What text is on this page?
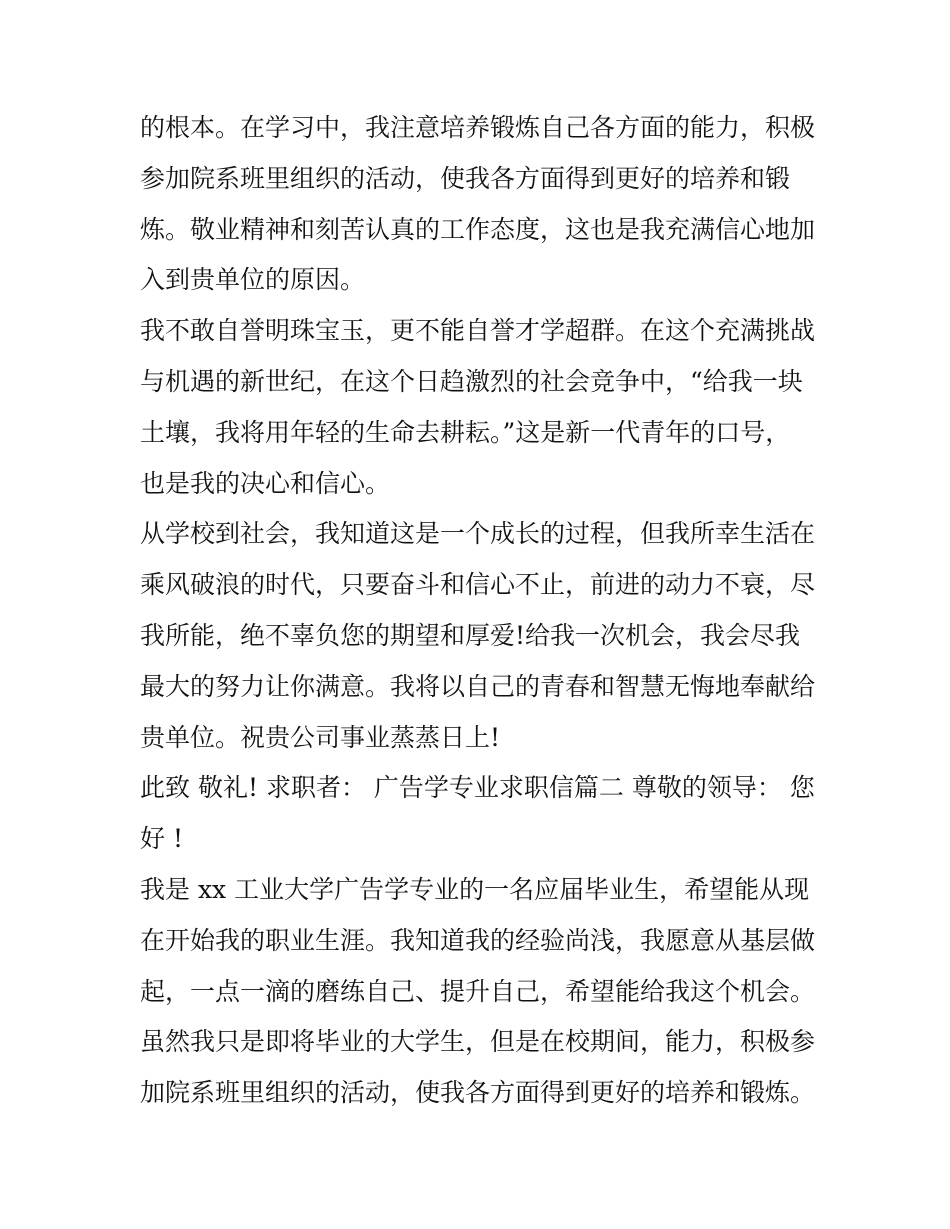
的根本。在学习中，我注意培养锻炼自己各方面的能力，积极
参加院系班里组织的活动，使我各方面得到更好的培养和锻
炼。敬业精神和刻苦认真的工作态度，这也是我充满信心地加
入到贵单位的原因。
我不敢自誉明珠宝玉，更不能自誉才学超群。在这个充满挑战
与机遇的新世纪，在这个日趋激烈的社会竞争中，“给我一块
土壤，我将用年轻的生命去耕耘。”这是新一代青年的口号，
也是我的决心和信心。
从学校到社会，我知道这是一个成长的过程，但我所幸生活在
乘风破浪的时代，只要奋斗和信心不止，前进的动力不衰，尽
我所能，绝不辜负您的期望和厚爱!给我一次机会，我会尽我
最大的努力让你满意。我将以自己的青春和智慧无悔地奉献给
贵单位。祝贵公司事业蒸蒸日上!
此致 敬礼! 求职者： 广告学专业求职信篇二 尊敬的领导： 您
好 !
我是 xx 工业大学广告学专业的一名应届毕业生，希望能从现
在开始我的职业生涯。我知道我的经验尚浅，我愿意从基层做
起，一点一滴的磨练自己、提升自己，希望能给我这个机会。
虽然我只是即将毕业的大学生，但是在校期间，能力，积极参
加院系班里组织的活动，使我各方面得到更好的培养和锻炼。
